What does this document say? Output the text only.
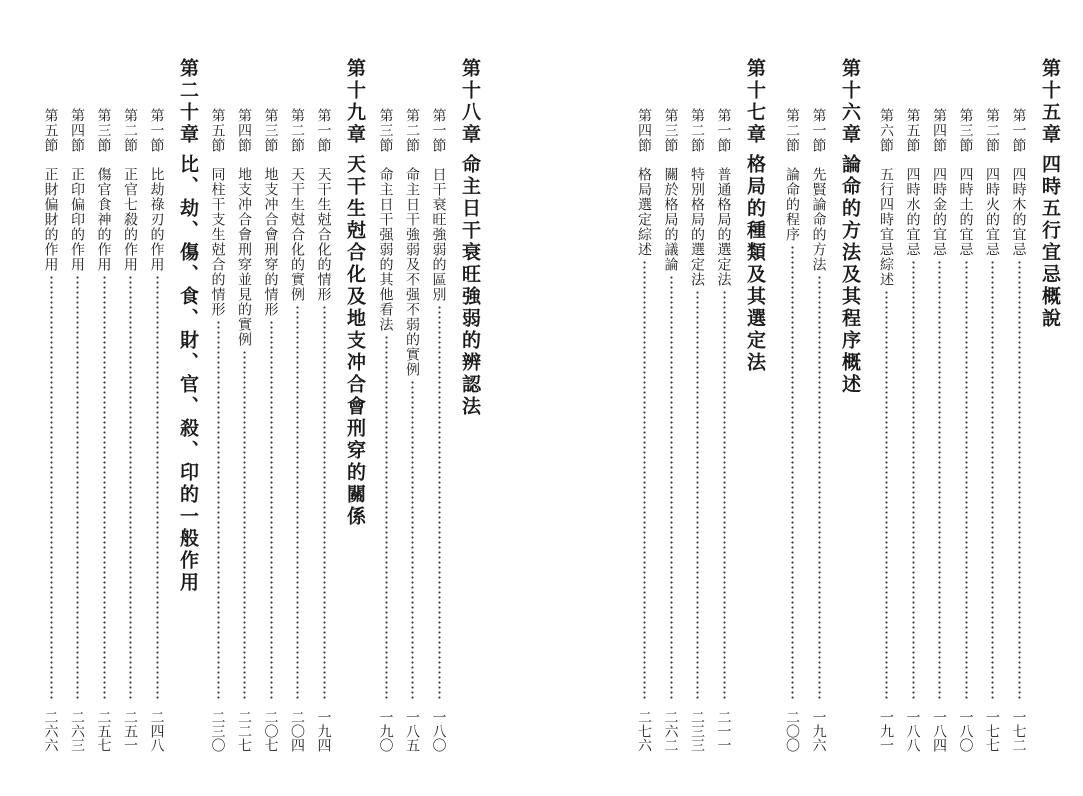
第十五章四時五行宜忌概說
第一節四時木的宜忌
一七二
第二節四時火的宜忌
一七七
第三節四時土的宜忌
一八〇
第四節四時金的宜忌
一八四
第五節四時水的宜忌
一八八
第六節五行四時宜忌綜述
一九一
第十六章論命的方法及其程序概述
第一節先賢論命的方法
一九六
第二節論命的程序
二〇〇
第十七章格局的種類及其選定法
第一節普通格局的選定法
二一一
第二節特別格局的選定法
二三三
第三節關於格局的議論
二六二
第四節格局選定綜述
二七六
第十八章命主日干衰旺強弱的辨認法
第一節日干衰旺強弱的區別
一八〇
第二節命主日干強弱及不强不弱的實例
一八五
第三節命主日干强弱的其他看法
一九〇
第十九章天干生尅合化及地支冲合會刑穿的關係
第一節天干生尅合化的情形
一九四
第二節天干生尅合化的實例
二〇四
第三節地支冲合會刑穿的情形
二〇七
第四節地支冲合會刑穿並見的實例
二二七
第五節同柱干支生尅合的情形
二三〇
第二十章比、劫、傷、食、財、官、殺、印的一般作用
第一節比劫祿刃的作用
二四八
第二節正官七殺的作用
二五一
第三節傷官食神的作用
二五七
第四節正印偏印的作用
二六三
第五節正財偏財的作用
二六六
